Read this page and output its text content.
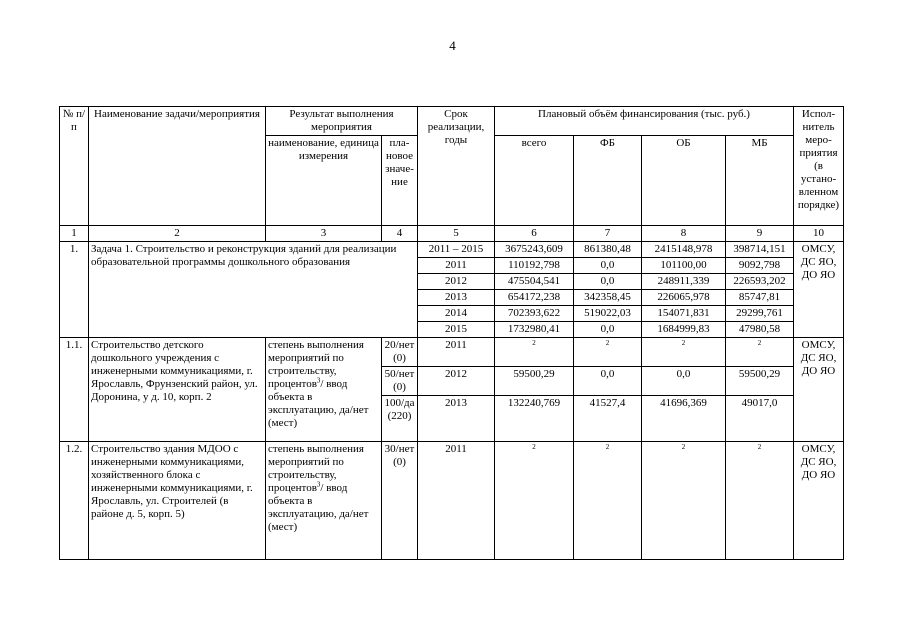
4
№ п/п	Наименование задачи/мероприятия	Результат выполнения мероприятия		Срок реализации, годы	Плановый объём финансирования (тыс. руб.)				Испол-нитель меро-приятия (в устано-вленном порядке)
		наименование, единица измерения	пла-новое значе-ние		всего	ФБ	ОБ	МБ	
1	2	3	4	5	6	7	8	9	10
1.	Задача 1. Строительство и реконструкция зданий для реализации образовательной программы дошкольного образования			2011 – 2015	3675243,609	861380,48	2415148,978	398714,151	ОМСУ, ДС ЯО, ДО ЯО
				2011	110192,798	0,0	101100,00	9092,798	
				2012	475504,541	0,0	248911,339	226593,202	
				2013	654172,238	342358,45	226065,978	85747,81	
				2014	702393,622	519022,03	154071,831	29299,761	
				2015	1732980,41	0,0	1684999,83	47980,58	
1.1.	Строительство детского дошкольного учреждения с инженерными коммуникациями, г. Ярославль, Фрунзенский район, ул. Доронина, у д. 10, корп. 2	степень выполнения мероприятий по строительству, процентов$^3$/ ввод объекта в эксплуатацию, да/нет (мест)	20/нет (0)	2011	2	2	2	2	ОМСУ, ДС ЯО, ДО ЯО
			50/нет (0)	2012	59500,29	0,0	0,0	59500,29	
			100/да (220)	2013	132240,769	41527,4	41696,369	49017,0	
1.2.	Строительство здания МДОО с инженерными коммуникациями, хозяйственного блока с инженерными коммуникациями, г. Ярославль, ул. Строителей (в районе д. 5, корп. 5)	степень выполнения мероприятий по строительству, процентов$^3$/ ввод объекта в эксплуатацию, да/нет (мест)	30/нет (0)	2011	2	2	2	2	ОМСУ, ДС ЯО, ДО ЯО
